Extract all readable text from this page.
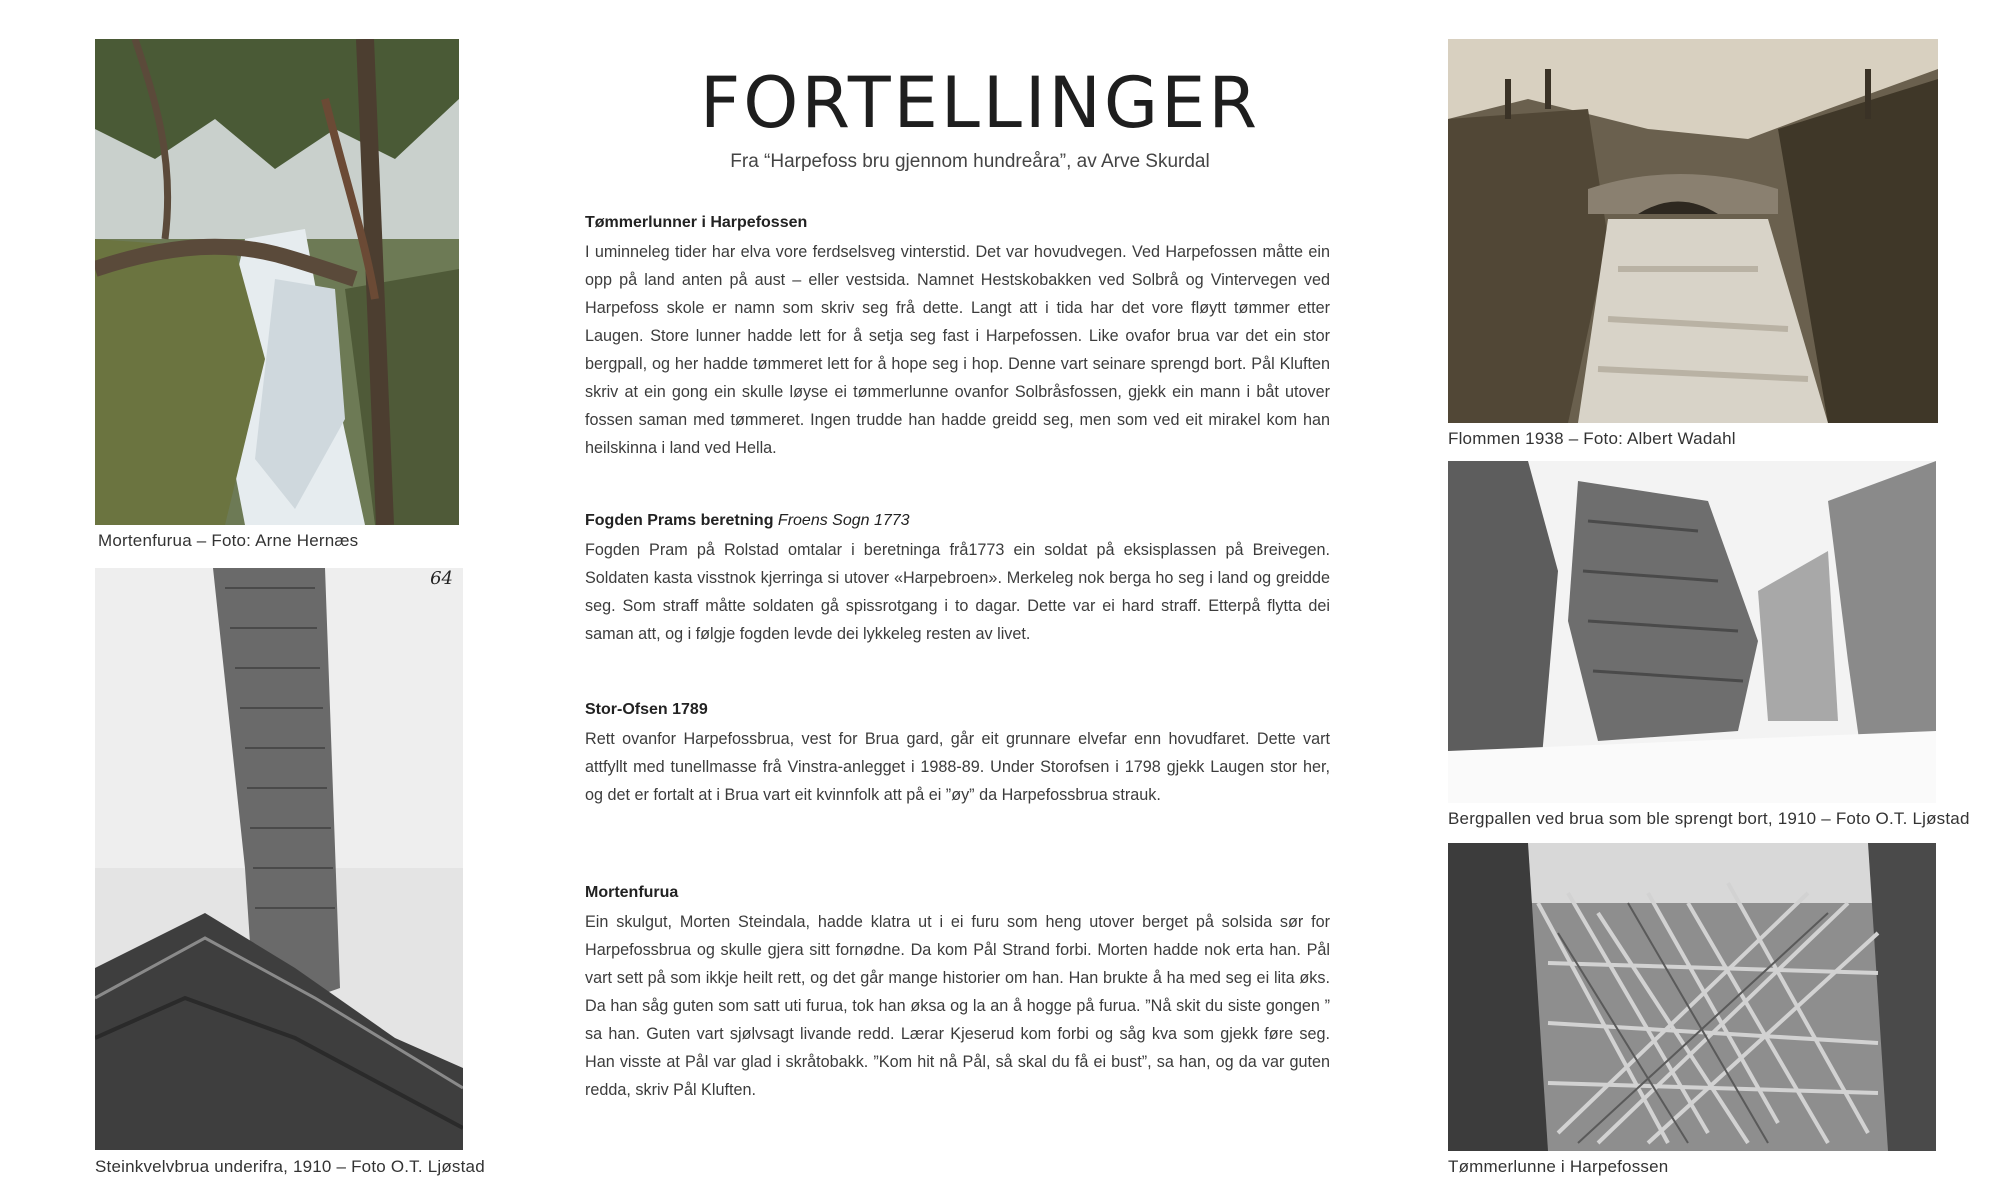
Mortenfurua – Foto: Arne Hernæs
64
Steinkvelvbrua underifra, 1910 – Foto O.T. Ljøstad
FORTELLINGER
Fra “Harpefoss bru gjennom hundreåra”, av Arve Skurdal
Tømmerlunner i Harpefossen

I uminneleg tider har elva vore ferdselsveg vinterstid. Det var hovudvegen. Ved Harpefossen måtte ein opp på land anten på aust – eller vestsida. Namnet Hestskobakken ved Solbrå og Vintervegen ved Harpefoss skole er namn som skriv seg frå dette. Langt att i tida har det vore fløytt tømmer etter Laugen. Store lunner hadde lett for å setja seg fast i Harpefossen. Like ovafor brua var det ein stor bergpall, og her hadde tømmeret lett for å hope seg i hop. Denne vart seinare sprengd bort. Pål Kluften skriv at ein gong ein skulle løyse ei tømmerlunne ovanfor Solbråsfossen, gjekk ein mann i båt utover fossen saman med tømmeret. Ingen trudde han hadde greidd seg, men som ved eit mirakel kom han heilskinna i land ved Hella.

Fogden Prams beretning Froens Sogn 1773

Fogden Pram på Rolstad omtalar i beretninga frå1773 ein soldat på eksisplassen på Breivegen. Soldaten kasta visstnok kjerringa si utover «Harpebroen». Merkeleg nok berga ho seg i land og greidde seg. Som straff måtte soldaten gå spissrotgang i to dagar. Dette var ei hard straff. Etterpå flytta dei saman att, og i følgje fogden levde dei lykkeleg resten av livet.

Stor-Ofsen 1789

Rett ovanfor Harpefossbrua, vest for Brua gard, går eit grunnare elvefar enn hovudfaret. Dette vart attfyllt med tunellmasse frå Vinstra-anlegget i 1988-89. Under Storofsen i 1798 gjekk Laugen stor her, og det er fortalt at i Brua vart eit kvinnfolk att på ei ”øy” da Harpefossbrua strauk.

Mortenfurua

Ein skulgut, Morten Steindala, hadde klatra ut i ei furu som heng utover berget på solsida sør for Harpefossbrua og skulle gjera sitt fornødne. Da kom Pål Strand forbi. Morten hadde nok erta han. Pål vart sett på som ikkje heilt rett, og det går mange historier om han. Han brukte å ha med seg ei lita øks. Da han såg guten som satt uti furua, tok han øksa og la an å hogge på furua. ”Nå skit du siste gongen ” sa han. Guten vart sjølvsagt livande redd. Lærar Kjeserud kom forbi og såg kva som gjekk føre seg. Han visste at Pål var glad i skråtobakk. ”Kom hit nå Pål, så skal du få ei bust”, sa han, og da var guten redda, skriv Pål Kluften.

Flommen 1938 – Foto: Albert Wadahl
Bergpallen ved brua som ble sprengt bort, 1910 – Foto O.T. Ljøstad
Tømmerlunne i Harpefossen
